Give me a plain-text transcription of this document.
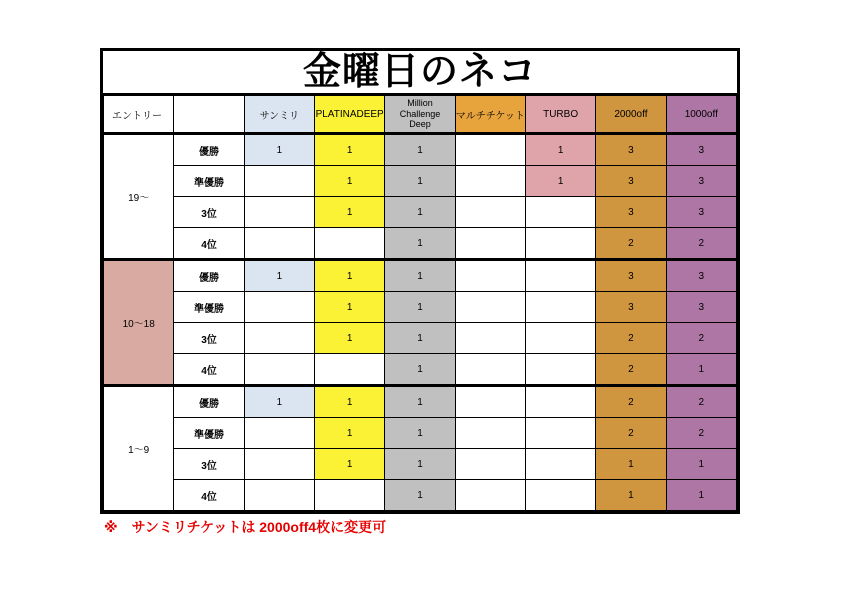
金曜日のネコ
エントリー		サンミリ	PLATINADEEP	Million Challenge Deep	マルチチケット	TURBO	2000off	1000off
19～	優勝	1	1	1		1	3	3
	準優勝		1	1		1	3	3
	3位		1	1			3	3
	4位			1			2	2
10～18	優勝	1	1	1			3	3
	準優勝		1	1			3	3
	3位		1	1			2	2
	4位			1			2	1
1～9	優勝	1	1	1			2	2
	準優勝		1	1			2	2
	3位		1	1			1	1
	4位			1			1	1
※　サンミリチケットは 2000off4枚に変更可
